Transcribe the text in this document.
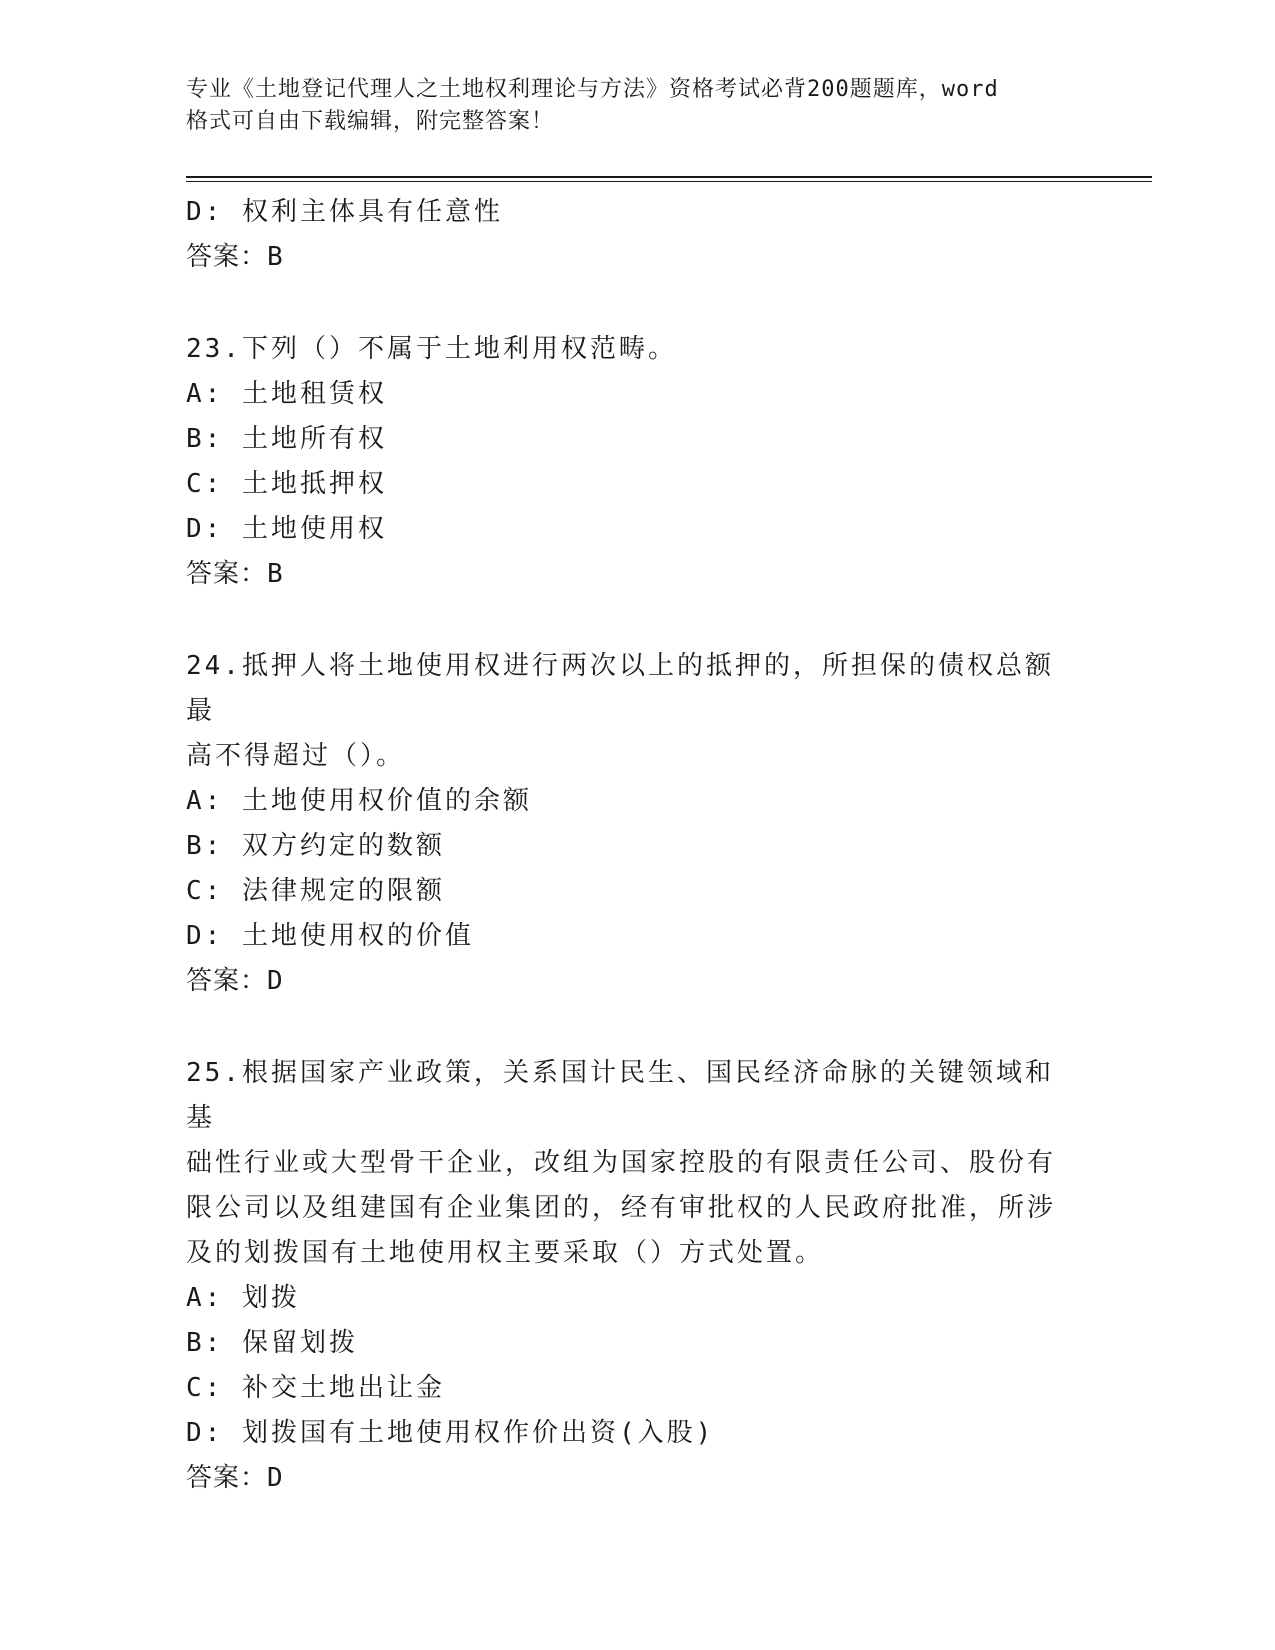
专业《土地登记代理人之土地权利理论与方法》资格考试必背200题题库，word
格式可自由下载编辑，附完整答案！
D: 权利主体具有任意性
答案：B
23.下列（）不属于土地利用权范畴。
A: 土地租赁权
B: 土地所有权
C: 土地抵押权
D: 土地使用权
答案：B
24.抵押人将土地使用权进行两次以上的抵押的，所担保的债权总额最
高不得超过（）。
A: 土地使用权价值的余额
B: 双方约定的数额
C: 法律规定的限额
D: 土地使用权的价值
答案：D
25.根据国家产业政策，关系国计民生、国民经济命脉的关键领域和基
础性行业或大型骨干企业，改组为国家控股的有限责任公司、股份有
限公司以及组建国有企业集团的，经有审批权的人民政府批准，所涉
及的划拨国有土地使用权主要采取（）方式处置。
A: 划拨
B: 保留划拨
C: 补交土地出让金
D: 划拨国有土地使用权作价出资(入股)
答案：D
